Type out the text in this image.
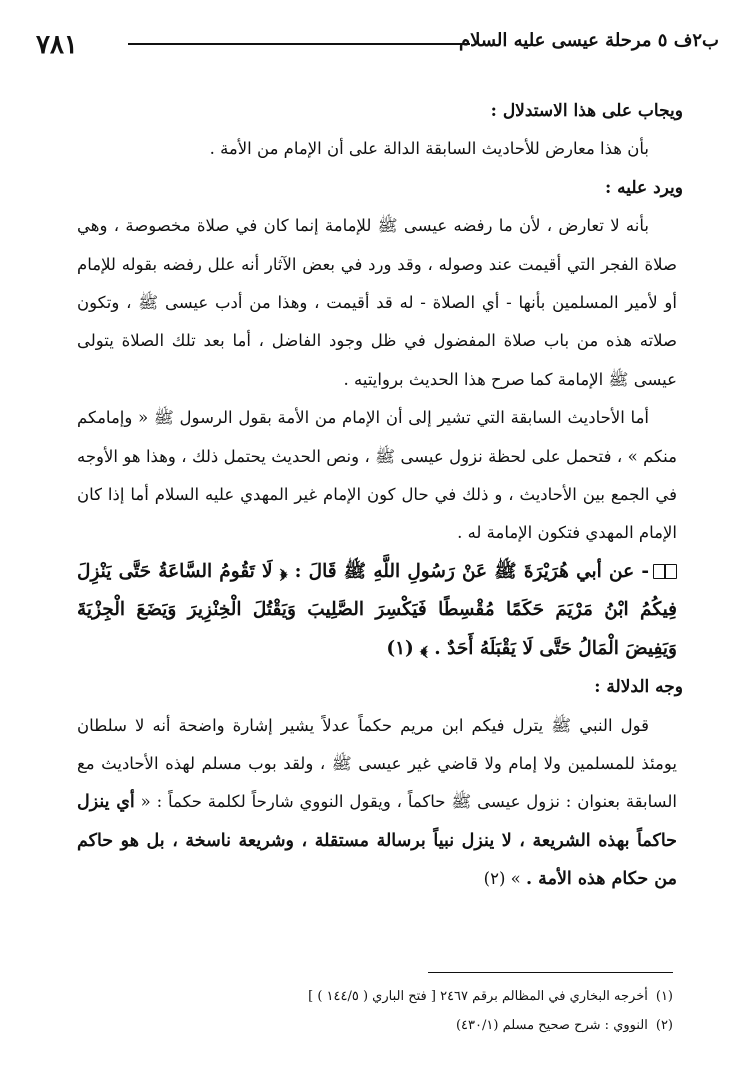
٧٨١	ب٢ف ٥ مرحلة عيسى عليه السلام

ويجاب على هذا الاستدلال :

بأن هذا معارض للأحاديث السابقة الدالة على أن الإمام من الأمة .

ويرد عليه :

بأنه لا تعارض ، لأن ما رفضه عيسى ﷺ للإمامة إنما كان في صلاة مخصوصة ، وهي صلاة الفجر التي أقيمت عند وصوله ، وقد ورد في بعض الآثار أنه علل رفضه بقوله للإمام أو لأمير المسلمين بأنها - أي الصلاة - له قد أقيمت ، وهذا من أدب عيسى ﷺ ، وتكون صلاته هذه من باب صلاة المفضول في ظل وجود الفاضل ، أما بعد تلك الصلاة يتولى عيسى ﷺ الإمامة كما صرح هذا الحديث بروايتيه .

أما الأحاديث السابقة التي تشير إلى أن الإمام من الأمة بقول الرسول ﷺ « وإمامكم منكم » ، فتحمل على لحظة نزول عيسى ﷺ ، ونص الحديث يحتمل ذلك ، وهذا هو الأوجه في الجمع بين الأحاديث ، و ذلك في حال كون الإمام غير المهدي عليه السلام أما إذا كان الإمام المهدي فتكون الإمامة له .

- عن أبي هُرَيْرَةَ ﷺ عَنْ رَسُولِ اللَّهِ ﷺ قَالَ : ﴿ لَا تَقُومُ السَّاعَةُ حَتَّى يَنْزِلَ فِيكُمُ ابْنُ مَرْيَمَ حَكَمًا مُقْسِطًا فَيَكْسِرَ الصَّلِيبَ وَيَقْتُلَ الْخِنْزِيرَ وَيَضَعَ الْجِزْيَةَ وَيَفِيضَ الْمَالُ حَتَّى لَا يَقْبَلَهُ أَحَدٌ . ﴾ (١)

وجه الدلالة :

قول النبي ﷺ يترل فيكم ابن مريم حكماً عدلاً يشير إشارة واضحة أنه لا سلطان يومئذ للمسلمين ولا إمام ولا قاضي غير عيسى ﷺ ، ولقد بوب مسلم لهذه الأحاديث مع السابقة بعنوان : نزول عيسى ﷺ حاكماً ، ويقول النووي شارحاً لكلمة حكماً : « أي ينزل حاكماً بهذه الشريعة ، لا ينزل نبياً برسالة مستقلة ، وشريعة ناسخة ، بل هو حاكم من حكام هذه الأمة . » (٢)

(١)أخرجه البخاري في المظالم برقم ٢٤٦٧ [ فتح الباري ( ١٤٤/٥ ) ]

(٢)النووي : شرح صحيح مسلم (٤٣٠/١)
